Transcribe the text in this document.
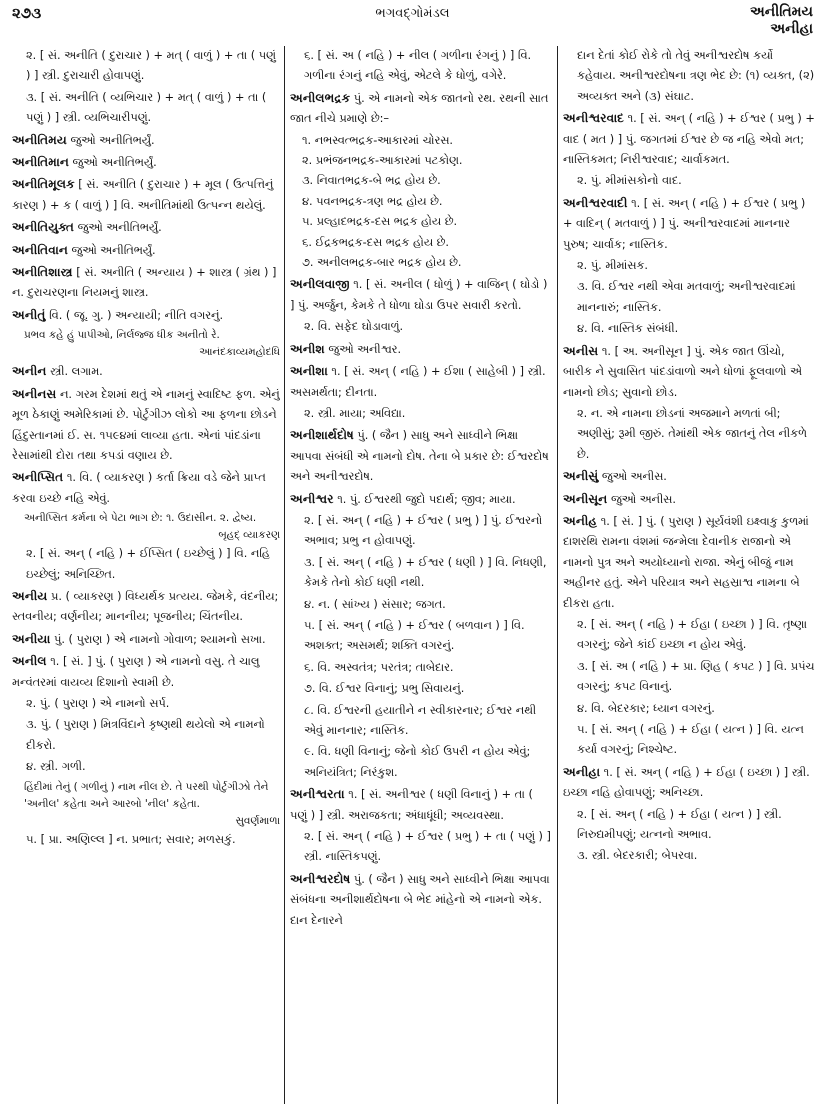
૨૭૩	ભગવદ્ગોમંડલ	અનીતિમય
અનીહા
૨. [ સં. અનીતિ ( દુરાચાર ) + મત્ ( વાળું ) + તા ( પણું ) ] સ્ત્રી. દુરાચારી હોવાપણું.
૩. [ સં. અનીતિ ( વ્યભિચાર ) + મત્ ( વાળું ) + તા ( પણું ) ] સ્ત્રી. વ્યભિચારીપણું.
અનીતિમય જુઓ અનીતિભર્યું.
અનીતિમાન જુઓ અનીતિભર્યું.
અનીતિમૂલક [ સં. અનીતિ ( દુરાચાર ) + મૂલ ( ઉત્પત્તિનું કારણ ) + ક ( વાળું ) ] વિ. અનીતિમાંથી ઉત્પન્ન થયેલું.
અનીતિયુક્ત જુઓ અનીતિભર્યું.
અનીતિવાન જુઓ અનીતિભર્યું.
અનીતિશાસ્ત્ર [ સં. અનીતિ ( અન્યાય ) + શાસ્ત્ર ( ગ્રંથ ) ] ન. દુરાચરણના નિયમનું શાસ્ત્ર.
અનીતું વિ. ( જૂ. ગુ. ) અન્યાયી; નીતિ વગરનું.
પ્રભવ કહે હું પાપીઓ, નિર્લજ્જ ધીક અનીતો રે.
આનંદકાવ્યમહોદધિ
અનીન સ્ત્રી. લગામ.
અનીનસ ન. ગરમ દેશમાં થતું એ નામનું સ્વાદિષ્ટ ફળ. એનું મૂળ ઠેકાણું અમેરિકામાં છે. પોર્ટુગીઝ લોકો આ ફળના છોડને હિંદુસ્તાનમાં ઈ. સ. ૧૫૯૪માં લાવ્યા હતા. એનાં પાંદડાંના રેસામાંથી દોરા તથા કપડાં વણાય છે.
અનીપ્સિત ૧. વિ. ( વ્યાકરણ ) કર્તા ક્રિયા વડે જેને પ્રાપ્ત કરવા ઇચ્છે નહિ એવું.
અનીપ્સિત કર્મના બે પેટા ભાગ છે: ૧. ઉદાસીન. ૨. દ્વેષ્ય.
બૃહદ્ વ્યાકરણ
૨. [ સં. અન્ ( નહિ ) + ઈપ્સિત ( ઇચ્છેલું ) ] વિ. નહિ ઇચ્છેલું; અનિચ્છિત.
અનીય પ્ર. ( વ્યાકરણ ) વિધ્યર્થક પ્રત્યય. જેમકે, વંદનીય; સ્તવનીય; વર્ણનીય; માનનીય; પૂજનીય; ચિંતનીય.
અનીયા પું. ( પુરાણ ) એ નામનો ગોવાળ; શ્યામનો સખા.
અનીલ ૧. [ સં. ] પું. ( પુરાણ ) એ નામનો વસુ. તે ચાલુ મન્વંતરમાં વાયવ્ય દિશાનો સ્વામી છે.
૨. પું. ( પુરાણ ) એ નામનો સર્પ.
૩. પું. ( પુરાણ ) મિત્રવિંદાને કૃષ્ણથી થયેલો એ નામનો દીકરો.
૪. સ્ત્રી. ગળી.
હિંદીમાં તેનું ( ગળીનું ) નામ નીલ છે. તે પરથી પોર્ટુગીઝો તેને 'અનીલ' કહેતા અને આરબો 'નીલ' કહેતા.
સુવર્ણમાળા
૫. [ પ્રા. અણિલ્લ ] ન. પ્રભાત; સવાર; મળસકું.
૬. [ સં. અ ( નહિ ) + નીલ ( ગળીના રંગનું ) ] વિ. ગળીના રંગનું નહિ એવું, એટલે કે ધોળું, વગેરે.
અનીલભદ્રક પું. એ નામનો એક જાતનો રથ. રથની સાત જાત નીચે પ્રમાણે છે:–
૧. નભસ્વત્ભદ્રક-આકારમાં ચોરસ.
૨. પ્રભંજનભદ્રક-આકારમાં પટકોણ.
૩. નિવાતભદ્રક-બે ભદ્ર હોય છે.
૪. પવનભદ્રક-ત્રણ ભદ્ર હોય છે.
૫. પ્રલ્હાદભદ્રક-દસ ભદ્રક હોય છે.
૬. ઈદ્રકભદ્રક-દસ ભદ્રક હોય છે.
૭. અનીલભદ્રક-બાર ભદ્રક હોય છે.
અનીલવાજી ૧. [ સં. અનીલ ( ધોળું ) + વાજિન્ ( ઘોડો ) ] પું. અર્જુન, કેમકે તે ધોળા ઘોડા ઉપર સવારી કરતો.
૨. વિ. સફેદ ઘોડાવાળું.
અનીશ જુઓ અનીશ્વર.
અનીશા ૧. [ સં. અન્ ( નહિ ) + ઈશા ( સાહેબી ) ] સ્ત્રી. અસમર્થતા; દીનતા.
૨. સ્ત્રી. માયા; અવિદ્યા.
અનીશાર્થદોષ પું. ( જૈન ) સાધુ અને સાધ્વીને ભિક્ષા આપવા સંબંધી એ નામનો દોષ. તેના બે પ્રકાર છે: ઈશ્વરદોષ અને અનીશ્વરદોષ.
અનીશ્વર ૧. પું. ઈશ્વરથી જુદો પદાર્થ; જીવ; માયા.
૨. [ સં. અન્ ( નહિ ) + ઈશ્વર ( પ્રભુ ) ] પું. ઈશ્વરનો અભાવ; પ્રભુ ન હોવાપણું.
૩. [ સં. અન્ ( નહિ ) + ઈશ્વર ( ધણી ) ] વિ. નિધણી, કેમકે તેનો કોઈ ધણી નથી.
૪. ન. ( સાંખ્ય ) સંસાર; જગત.
૫. [ સં. અન્ ( નહિ ) + ઈશ્વર ( બળવાન ) ] વિ. અશક્ત; અસમર્થ; શક્તિ વગરનું.
૬. વિ. અસ્વતંત્ર; પરતંત્ર; તાબેદાર.
૭. વિ. ઈશ્વર વિનાનું; પ્રભુ સિવાયનું.
૮. વિ. ઈશ્વરની હયાતીને ન સ્વીકારનાર; ઈશ્વર નથી એવું માનનાર; નાસ્તિક.
૯. વિ. ધણી વિનાનું; જેનો કોઈ ઉપરી ન હોય એવું; અનિયંત્રિત; નિરંકુશ.
અનીશ્વરતા ૧. [ સં. અનીશ્વર ( ધણી વિનાનું ) + તા ( પણું ) ] સ્ત્રી. અરાજકતા; અંધાધૂંધી; અવ્યવસ્થા.
૨. [ સં. અન્ ( નહિ ) + ઈશ્વર ( પ્રભુ ) + તા ( પણું ) ] સ્ત્રી. નાસ્તિકપણું.
અનીશ્વરદોષ પું. ( જૈન ) સાધુ અને સાધ્વીને ભિક્ષા આપવા સંબંધના અનીશાર્થદોષના બે ભેદ માંહેનો એ નામનો એક. દાન દેનારને
દાન દેતાં કોઈ રોકે તો તેવું અનીશ્વરદોષ કર્યો કહેવાય. અનીશ્વરદોષના ત્રણ ભેદ છે: (૧) વ્યક્ત, (૨) અવ્યક્ત અને (૩) સંઘાટ.
અનીશ્વરવાદ ૧. [ સં. અન્ ( નહિ ) + ઈશ્વર ( પ્રભુ ) + વાદ ( મત ) ] પું. જગતમાં ઈશ્વર છે જ નહિ એવો મત; નાસ્તિકમત; નિરીશ્વરવાદ; ચાર્વાકમત.
૨. પું. મીમાંસકોનો વાદ.
અનીશ્વરવાદી ૧. [ સં. અન્ ( નહિ ) + ઈશ્વર ( પ્રભુ ) + વાદિન્ ( મતવાળું ) ] પું. અનીશ્વરવાદમાં માનનાર પુરુષ; ચાર્વાક; નાસ્તિક.
૨. પું. મીમાંસક.
૩. વિ. ઈશ્વર નથી એવા મતવાળું; અનીશ્વરવાદમાં માનનારું; નાસ્તિક.
૪. વિ. નાસ્તિક સંબંધી.
અનીસ ૧. [ અ. અનીસૂન ] પું. એક જાત ઊંચો, બારીક ને સુવાસિત પાંદડાંવાળો અને ધોળાં ફૂલવાળો એ નામનો છોડ; સુવાનો છોડ.
૨. ન. એ નામના છોડનાં અજમાને મળતાં બી; અણીસું; રૂમી જીરું. તેમાંથી એક જાતનું તેલ નીકળે છે.
અનીસું જુઓ અનીસ.
અનીસૂન જુઓ અનીસ.
અનીહ ૧. [ સં. ] પું. ( પુરાણ ) સૂર્યવંશી ઇક્ષ્વાકુ કુળમાં દાશરથિ રામના વંશમાં જન્મેલા દેવાનીક રાજાનો એ નામનો પુત્ર અને અયોધ્યાનો રાજા. એનું બીજું નામ અહીનર હતું. એને પરિયાત્ર અને સહસ્રાશ્વ નામના બે દીકરા હતા.
૨. [ સં. અન્ ( નહિ ) + ઈહા ( ઇચ્છા ) ] વિ. તૃષ્ણા વગરનું; જેને કાંઈ ઇચ્છા ન હોય એવું.
૩. [ સં. અ ( નહિ ) + પ્રા. ણિહ ( કપટ ) ] વિ. પ્રપંચ વગરનું; કપટ વિનાનું.
૪. વિ. બેદરકાર; ધ્યાન વગરનું.
૫. [ સં. અન્ ( નહિ ) + ઈહા ( યત્ન ) ] વિ. યત્ન કર્યા વગરનું; નિશ્ચેષ્ટ.
અનીહા ૧. [ સં. અન્ ( નહિ ) + ઈહા ( ઇચ્છા ) ] સ્ત્રી. ઇચ્છા નહિ હોવાપણું; અનિચ્છા.
૨. [ સં. અન્ ( નહિ ) + ઈહા ( યત્ન ) ] સ્ત્રી. નિરુદ્યમીપણું; યત્નનો અભાવ.
૩. સ્ત્રી. બેદરકારી; બેપરવા.
